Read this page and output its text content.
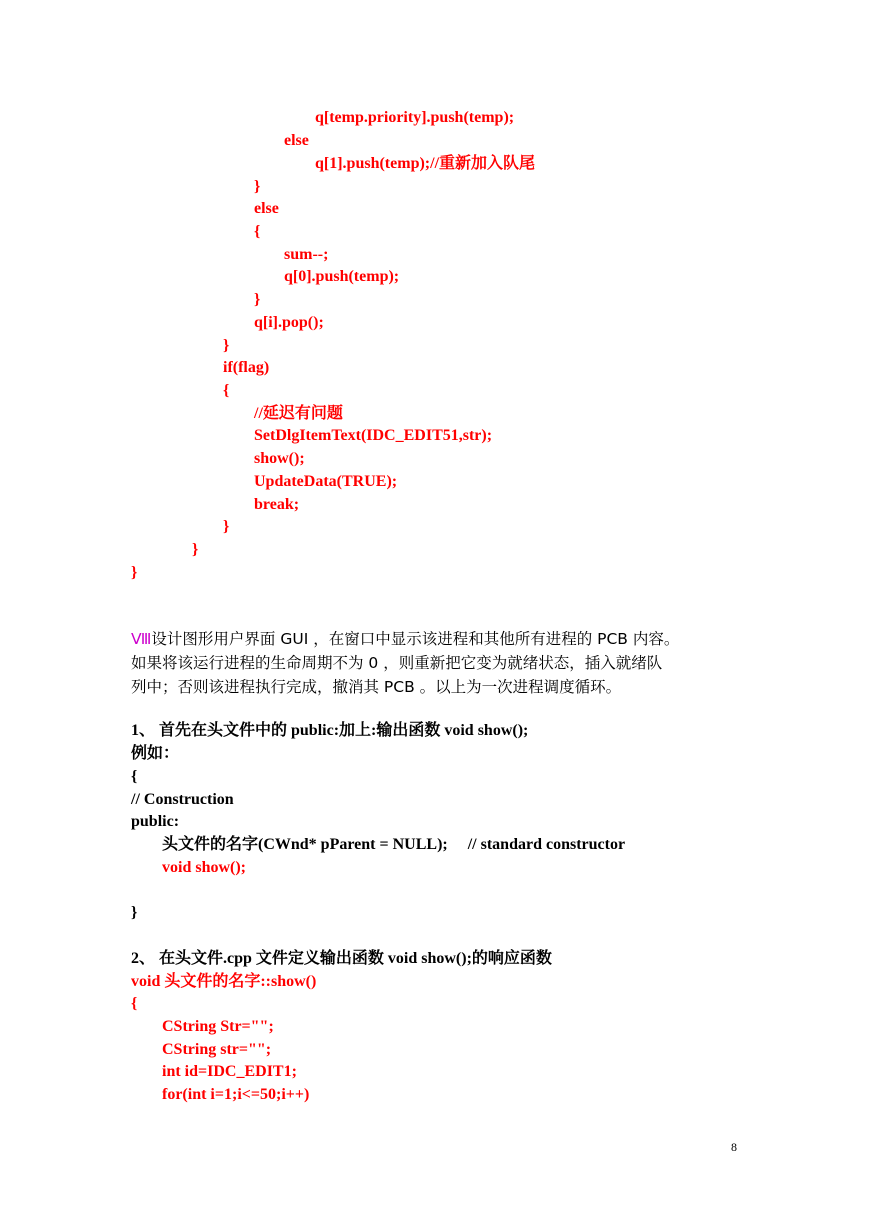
q[temp.priority].push(temp);
else
q[1].push(temp);//重新加入队尾
}
else
{
sum--;
q[0].push(temp);
}
q[i].pop();
}
if(flag)
{
//延迟有问题
SetDlgItemText(IDC_EDIT51,str);
show();
UpdateData(TRUE);
break;
}
}
}
Ⅷ设计图形用户界面 GUI ，在窗口中显示该进程和其他所有进程的 PCB 内容。
如果将该运行进程的生命周期不为 0 ，则重新把它变为就绪状态，插入就绪队
列中；否则该进程执行完成，撤消其 PCB 。以上为一次进程调度循环。
1、 首先在头文件中的 public:加上:输出函数 void show();
例如：
{
// Construction
public:
头文件的名字(CWnd* pParent = NULL);     // standard constructor
void show();
}
2、 在头文件.cpp 文件定义输出函数 void show();的响应函数
void 头文件的名字::show()
{
CString Str="";
CString str="";
int id=IDC_EDIT1;
for(int i=1;i<=50;i++)
8
